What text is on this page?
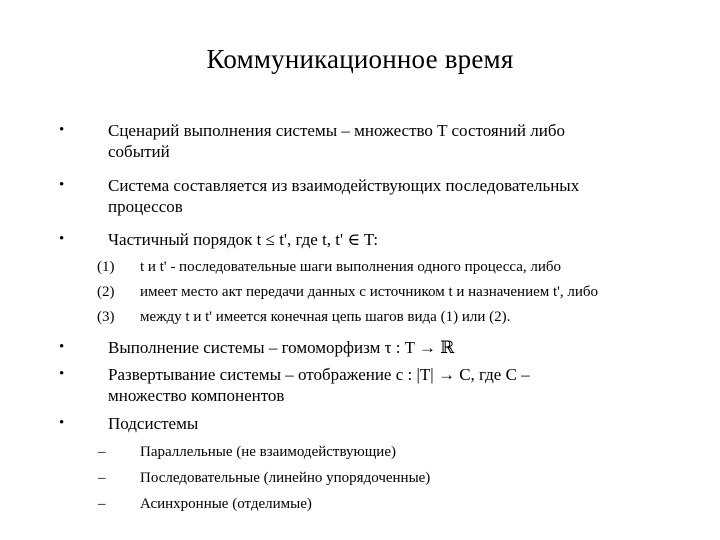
Коммуникационное время
•	Сценарий выполнения системы – множество T состояний либо
событий
•	Система составляется из взаимодействующих последовательных
процессов
•	Частичный порядок t ≤ t', где t, t' ∈ T:
(1) t и t' - последовательные шаги выполнения одного процесса, либо
(2) имеет место акт передачи данных с источником t и назначением t', либо
(3) между t и t' имеется конечная цепь шагов вида (1) или (2).
•	Выполнение системы – гомоморфизм τ : T → ℝ
•	Развертывание системы – отображение c : |T| → C, где C –
множество компонентов
•	Подсистемы
– Параллельные (не взаимодействующие)
– Последовательные (линейно упорядоченные)
– Асинхронные (отделимые)
